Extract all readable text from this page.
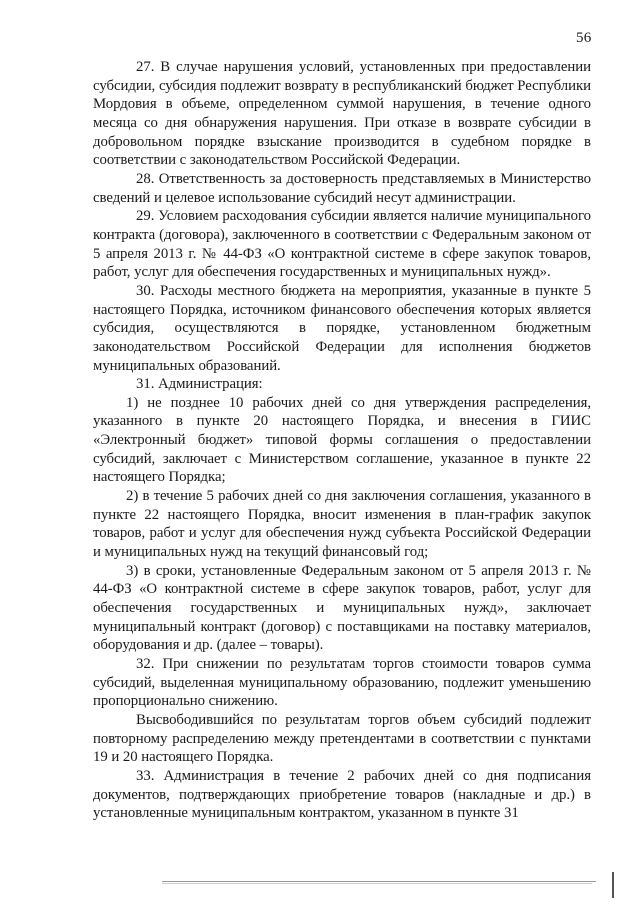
56

27. В случае нарушения условий, установленных при предоставлении субсидии, субсидия подлежит возврату в республиканский бюджет Республики Мордовия в объеме, определенном суммой нарушения, в течение одного месяца со дня обнаружения нарушения. При отказе в возврате субсидии в добровольном порядке взыскание производится в судебном порядке в соответствии с законодательством Российской Федерации.

28. Ответственность за достоверность представляемых в Министерство сведений и целевое использование субсидий несут администрации.

29. Условием расходования субсидии является наличие муниципального контракта (договора), заключенного в соответствии с Федеральным законом от 5 апреля 2013 г. № 44-ФЗ «О контрактной системе в сфере закупок товаров, работ, услуг для обеспечения государственных и муниципальных нужд».

30. Расходы местного бюджета на мероприятия, указанные в пункте 5 настоящего Порядка, источником финансового обеспечения которых является субсидия, осуществляются в порядке, установленном бюджетным законодательством Российской Федерации для исполнения бюджетов муниципальных образований.

31. Администрация:

1) не позднее 10 рабочих дней со дня утверждения распределения, указанного в пункте 20 настоящего Порядка, и внесения в ГИИС «Электронный бюджет» типовой формы соглашения о предоставлении субсидий, заключает с Министерством соглашение, указанное в пункте 22 настоящего Порядка;

2) в течение 5 рабочих дней со дня заключения соглашения, указанного в пункте 22 настоящего Порядка, вносит изменения в план-график закупок товаров, работ и услуг для обеспечения нужд субъекта Российской Федерации и муниципальных нужд на текущий финансовый год;

3) в сроки, установленные Федеральным законом от 5 апреля 2013 г. № 44-ФЗ «О контрактной системе в сфере закупок товаров, работ, услуг для обеспечения государственных и муниципальных нужд», заключает муниципальный контракт (договор) с поставщиками на поставку материалов, оборудования и др. (далее – товары).

32. При снижении по результатам торгов стоимости товаров сумма субсидий, выделенная муниципальному образованию, подлежит уменьшению пропорционально снижению.

Высвободившийся по результатам торгов объем субсидий подлежит повторному распределению между претендентами в соответствии с пунктами 19 и 20 настоящего Порядка.

33. Администрация в течение 2 рабочих дней со дня подписания документов, подтверждающих приобретение товаров (накладные и др.) в установленные муниципальным контрактом, указанном в пункте 31
